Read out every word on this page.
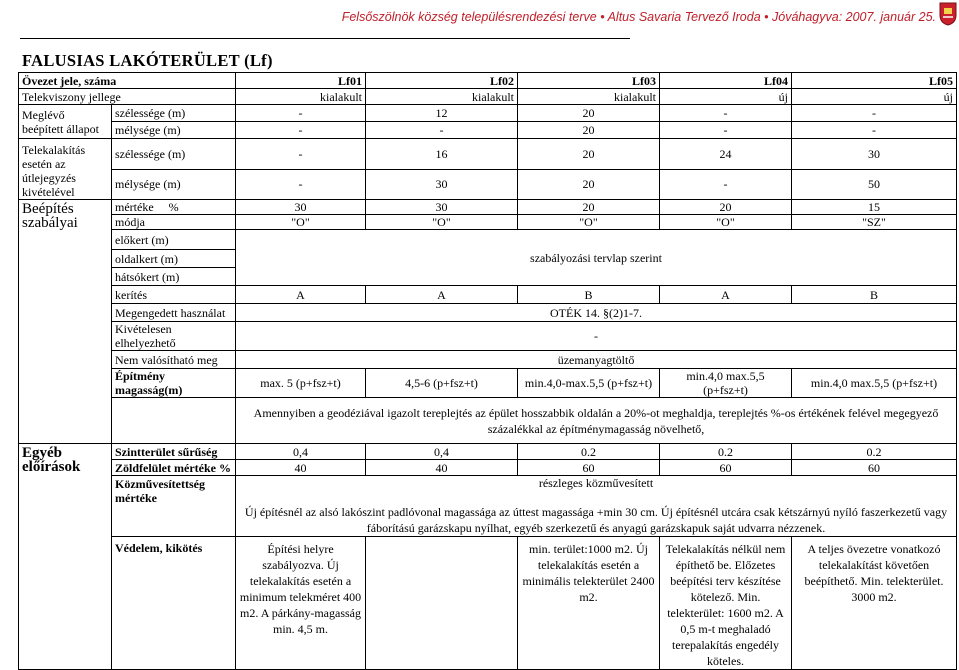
Felsőszölnök község településrendezési terve • Altus Savaria Tervező Iroda • Jóváhagyva: 2007. január 25.
FALUSIAS LAKÓTERÜLET (Lf)
Övezet jele, száma		Lf01	Lf02	Lf03	Lf04	Lf05
Telekviszony jellege		kialakult	kialakult	kialakult	új	új

Meglévő
beépített állapot	szélessége (m)	-	12	20	-	-
	mélysége (m)	-	-	20	-	-
Telekalakítás esetén az útlejegyzés kivételével	szélessége (m)	-	16	20	24	30
	mélysége (m)	-	30	20	-	50
Beépítés szabályai	mértéke %	30	30	20	20	15
	módja	"O"	"O"	"O"	"O"	"SZ"
	előkert (m)	szabályozási tervlap szerint				
	oldalkert (m)					
	hátsókert (m)					
	kerítés	A	A	B	A	B
	Megengedett használat	OTÉK 14. §(2)1-7.				
	Kivételesen elhelyezhető	-				
	Nem valósítható meg	üzemanyagtöltő				
	Építmény magasság(m)	max. 5 (p+fsz+t)	4,5-6 (p+fsz+t)	min.4,0-max.5,5 (p+fsz+t)	min.4,0 max.5,5 (p+fsz+t)	min.4,0 max.5,5 (p+fsz+t)
		Amennyiben a geodéziával igazolt tereplejtés az épület hosszabbik oldalán a 20%-ot meghaldja, tereplejtés %-os értékének felével megegyező százalékkal az építménymagasság növelhető,				
Egyéb előírások	Szintterület sűrűség	0,4	0,4	0.2	0.2	0.2
	Zöldfelület mértéke %	40	40	60	60	60
	Közművesítettség mértéke	részleges közművesített
Új építésnél az alsó lakószint padlóvonal magassága az úttest magassága +min 30 cm. Új építésnél utcára csak kétszárnyú nyíló faszerkezetű vagy fáborítású garázskapu nyílhat, egyéb szerkezetű és anyagú garázskapuk saját udvarra nézzenek.				

	Védelem, kikötés	Építési helyre szabályozva. Új telekalakítás esetén a minimum telekméret 400 m2. A párkány-magasság min. 4,5 m.		min. terület:1000 m2. Új telekalakítás esetén a minimális telekterület 2400 m2.	Telekalakítás nélkül nem építhető be. Előzetes beépítési terv készítése kötelező. Min. telekterület: 1600 m2. A 0,5 m-t meghaladó terepalakítás engedély köteles.	A teljes övezetre vonatkozó telekalakítást követően beépíthető. Min. telekterület. 3000 m2.
